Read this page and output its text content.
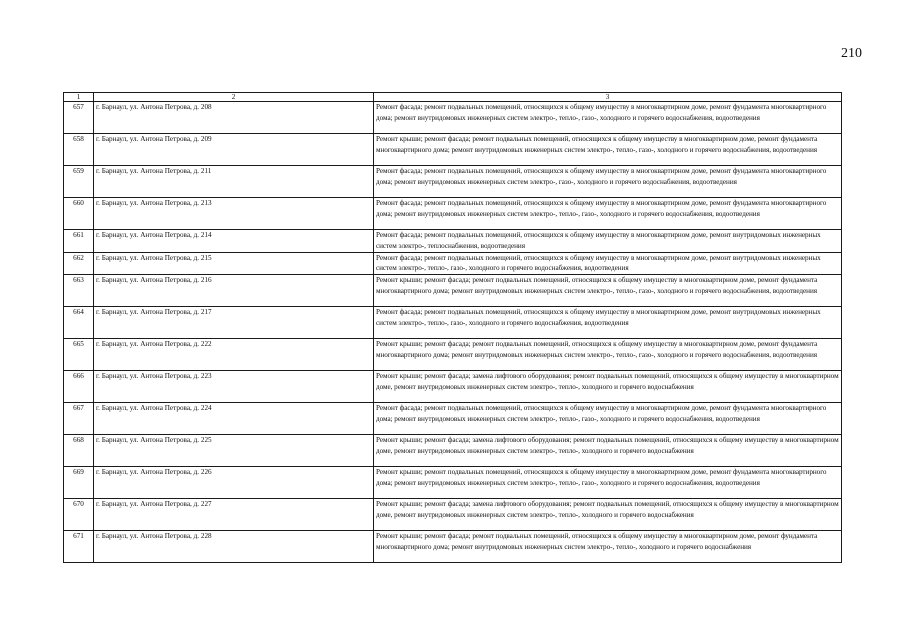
210
1	2	3
657	г. Барнаул, ул. Антона Петрова, д. 208	Ремонт фасада; ремонт подвальных помещений, относящихся к общему имуществу в многоквартирном доме, ремонт фундамента многоквартирного дома; ремонт внутридомовых инженерных систем электро-, тепло-, газо-, холодного и горячего водоснабжения, водоотведения
658	г. Барнаул, ул. Антона Петрова, д. 209	Ремонт крыши; ремонт фасада; ремонт подвальных помещений, относящихся к общему имуществу в многоквартирном доме, ремонт фундамента многоквартирного дома; ремонт внутридомовых инженерных систем электро-, тепло-, газо-, холодного и горячего водоснабжения, водоотведения
659	г. Барнаул, ул. Антона Петрова, д. 211	Ремонт фасада; ремонт подвальных помещений, относящихся к общему имуществу в многоквартирном доме, ремонт фундамента многоквартирного дома; ремонт внутридомовых инженерных систем электро-, газо-, холодного и горячего водоснабжения, водоотведения
660	г. Барнаул, ул. Антона Петрова, д. 213	Ремонт фасада; ремонт подвальных помещений, относящихся к общему имуществу в многоквартирном доме, ремонт фундамента многоквартирного дома; ремонт внутридомовых инженерных систем электро-, тепло-, газо-, холодного и горячего водоснабжения, водоотведения
661	г. Барнаул, ул. Антона Петрова, д. 214	Ремонт фасада; ремонт подвальных помещений, относящихся к общему имуществу в многоквартирном доме, ремонт внутридомовых инженерных систем электро-, теплоснабжения, водоотведения
662	г. Барнаул, ул. Антона Петрова, д. 215	Ремонт фасада; ремонт подвальных помещений, относящихся к общему имуществу в многоквартирном доме, ремонт внутридомовых инженерных систем электро-, тепло-, газо-, холодного и горячего водоснабжения, водоотведения
663	г. Барнаул, ул. Антона Петрова, д. 216	Ремонт крыши; ремонт фасада; ремонт подвальных помещений, относящихся к общему имуществу в многоквартирном доме, ремонт фундамента многоквартирного дома; ремонт внутридомовых инженерных систем электро-, тепло-, газо-, холодного и горячего водоснабжения, водоотведения
664	г. Барнаул, ул. Антона Петрова, д. 217	Ремонт фасада; ремонт подвальных помещений, относящихся к общему имуществу в многоквартирном доме, ремонт внутридомовых инженерных систем электро-, тепло-, газо-, холодного и горячего водоснабжения, водоотведения
665	г. Барнаул, ул. Антона Петрова, д. 222	Ремонт крыши; ремонт фасада; ремонт подвальных помещений, относящихся к общему имуществу в многоквартирном доме, ремонт фундамента многоквартирного дома; ремонт внутридомовых инженерных систем электро-, тепло-, газо-, холодного и горячего водоснабжения, водоотведения
666	г. Барнаул, ул. Антона Петрова, д. 223	Ремонт крыши; ремонт фасада; замена лифтового оборудования; ремонт подвальных помещений, относящихся к общему имуществу в многоквартирном доме, ремонт внутридомовых инженерных систем электро-, тепло-, холодного и горячего водоснабжения
667	г. Барнаул, ул. Антона Петрова, д. 224	Ремонт фасада; ремонт подвальных помещений, относящихся к общему имуществу в многоквартирном доме, ремонт фундамента многоквартирного дома; ремонт внутридомовых инженерных систем электро-, тепло-, газо-, холодного и горячего водоснабжения, водоотведения
668	г. Барнаул, ул. Антона Петрова, д. 225	Ремонт крыши; ремонт фасада; замена лифтового оборудования; ремонт подвальных помещений, относящихся к общему имуществу в многоквартирном доме, ремонт внутридомовых инженерных систем электро-, тепло-, холодного и горячего водоснабжения
669	г. Барнаул, ул. Антона Петрова, д. 226	Ремонт крыши; ремонт подвальных помещений, относящихся к общему имуществу в многоквартирном доме, ремонт фундамента многоквартирного дома; ремонт внутридомовых инженерных систем электро-, тепло-, газо-, холодного и горячего водоснабжения, водоотведения
670	г. Барнаул, ул. Антона Петрова, д. 227	Ремонт крыши; ремонт фасада; замена лифтового оборудования; ремонт подвальных помещений, относящихся к общему имуществу в многоквартирном доме, ремонт внутридомовых инженерных систем электро-, тепло-, холодного и горячего водоснабжения
671	г. Барнаул, ул. Антона Петрова, д. 228	Ремонт крыши; ремонт фасада; ремонт подвальных помещений, относящихся к общему имуществу в многоквартирном доме, ремонт фундамента многоквартирного дома; ремонт внутридомовых инженерных систем электро-, тепло-, холодного и горячего водоснабжения
